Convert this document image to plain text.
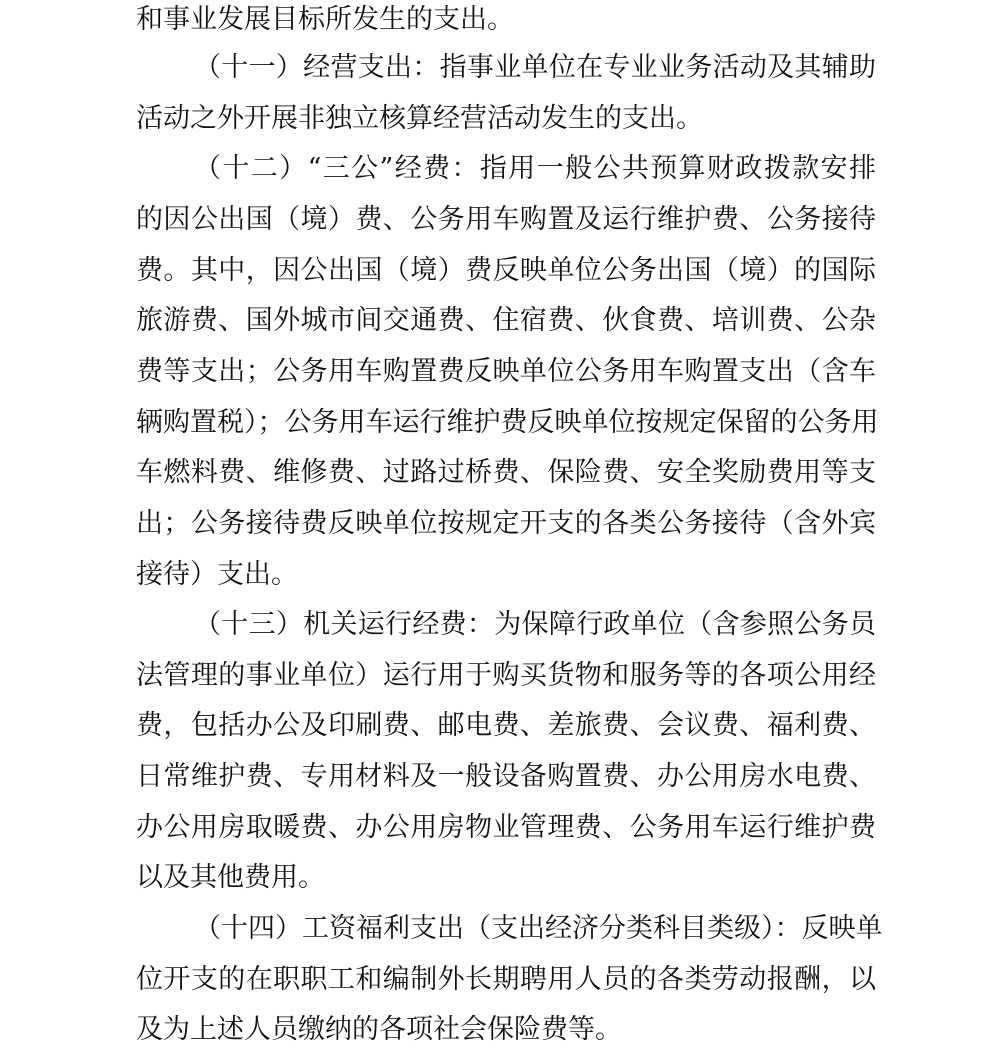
和事业发展目标所发生的支出。
（十一）经营支出：指事业单位在专业业务活动及其辅助
活动之外开展非独立核算经营活动发生的支出。
（十二）“三公”经费：指用一般公共预算财政拨款安排
的因公出国（境）费、公务用车购置及运行维护费、公务接待
费。其中，因公出国（境）费反映单位公务出国（境）的国际
旅游费、国外城市间交通费、住宿费、伙食费、培训费、公杂
费等支出；公务用车购置费反映单位公务用车购置支出（含车
辆购置税）；公务用车运行维护费反映单位按规定保留的公务用
车燃料费、维修费、过路过桥费、保险费、安全奖励费用等支
出；公务接待费反映单位按规定开支的各类公务接待（含外宾
接待）支出。
（十三）机关运行经费：为保障行政单位（含参照公务员
法管理的事业单位）运行用于购买货物和服务等的各项公用经
费，包括办公及印刷费、邮电费、差旅费、会议费、福利费、
日常维护费、专用材料及一般设备购置费、办公用房水电费、
办公用房取暖费、办公用房物业管理费、公务用车运行维护费
以及其他费用。
（十四）工资福利支出（支出经济分类科目类级）：反映单
位开支的在职职工和编制外长期聘用人员的各类劳动报酬，以
及为上述人员缴纳的各项社会保险费等。
